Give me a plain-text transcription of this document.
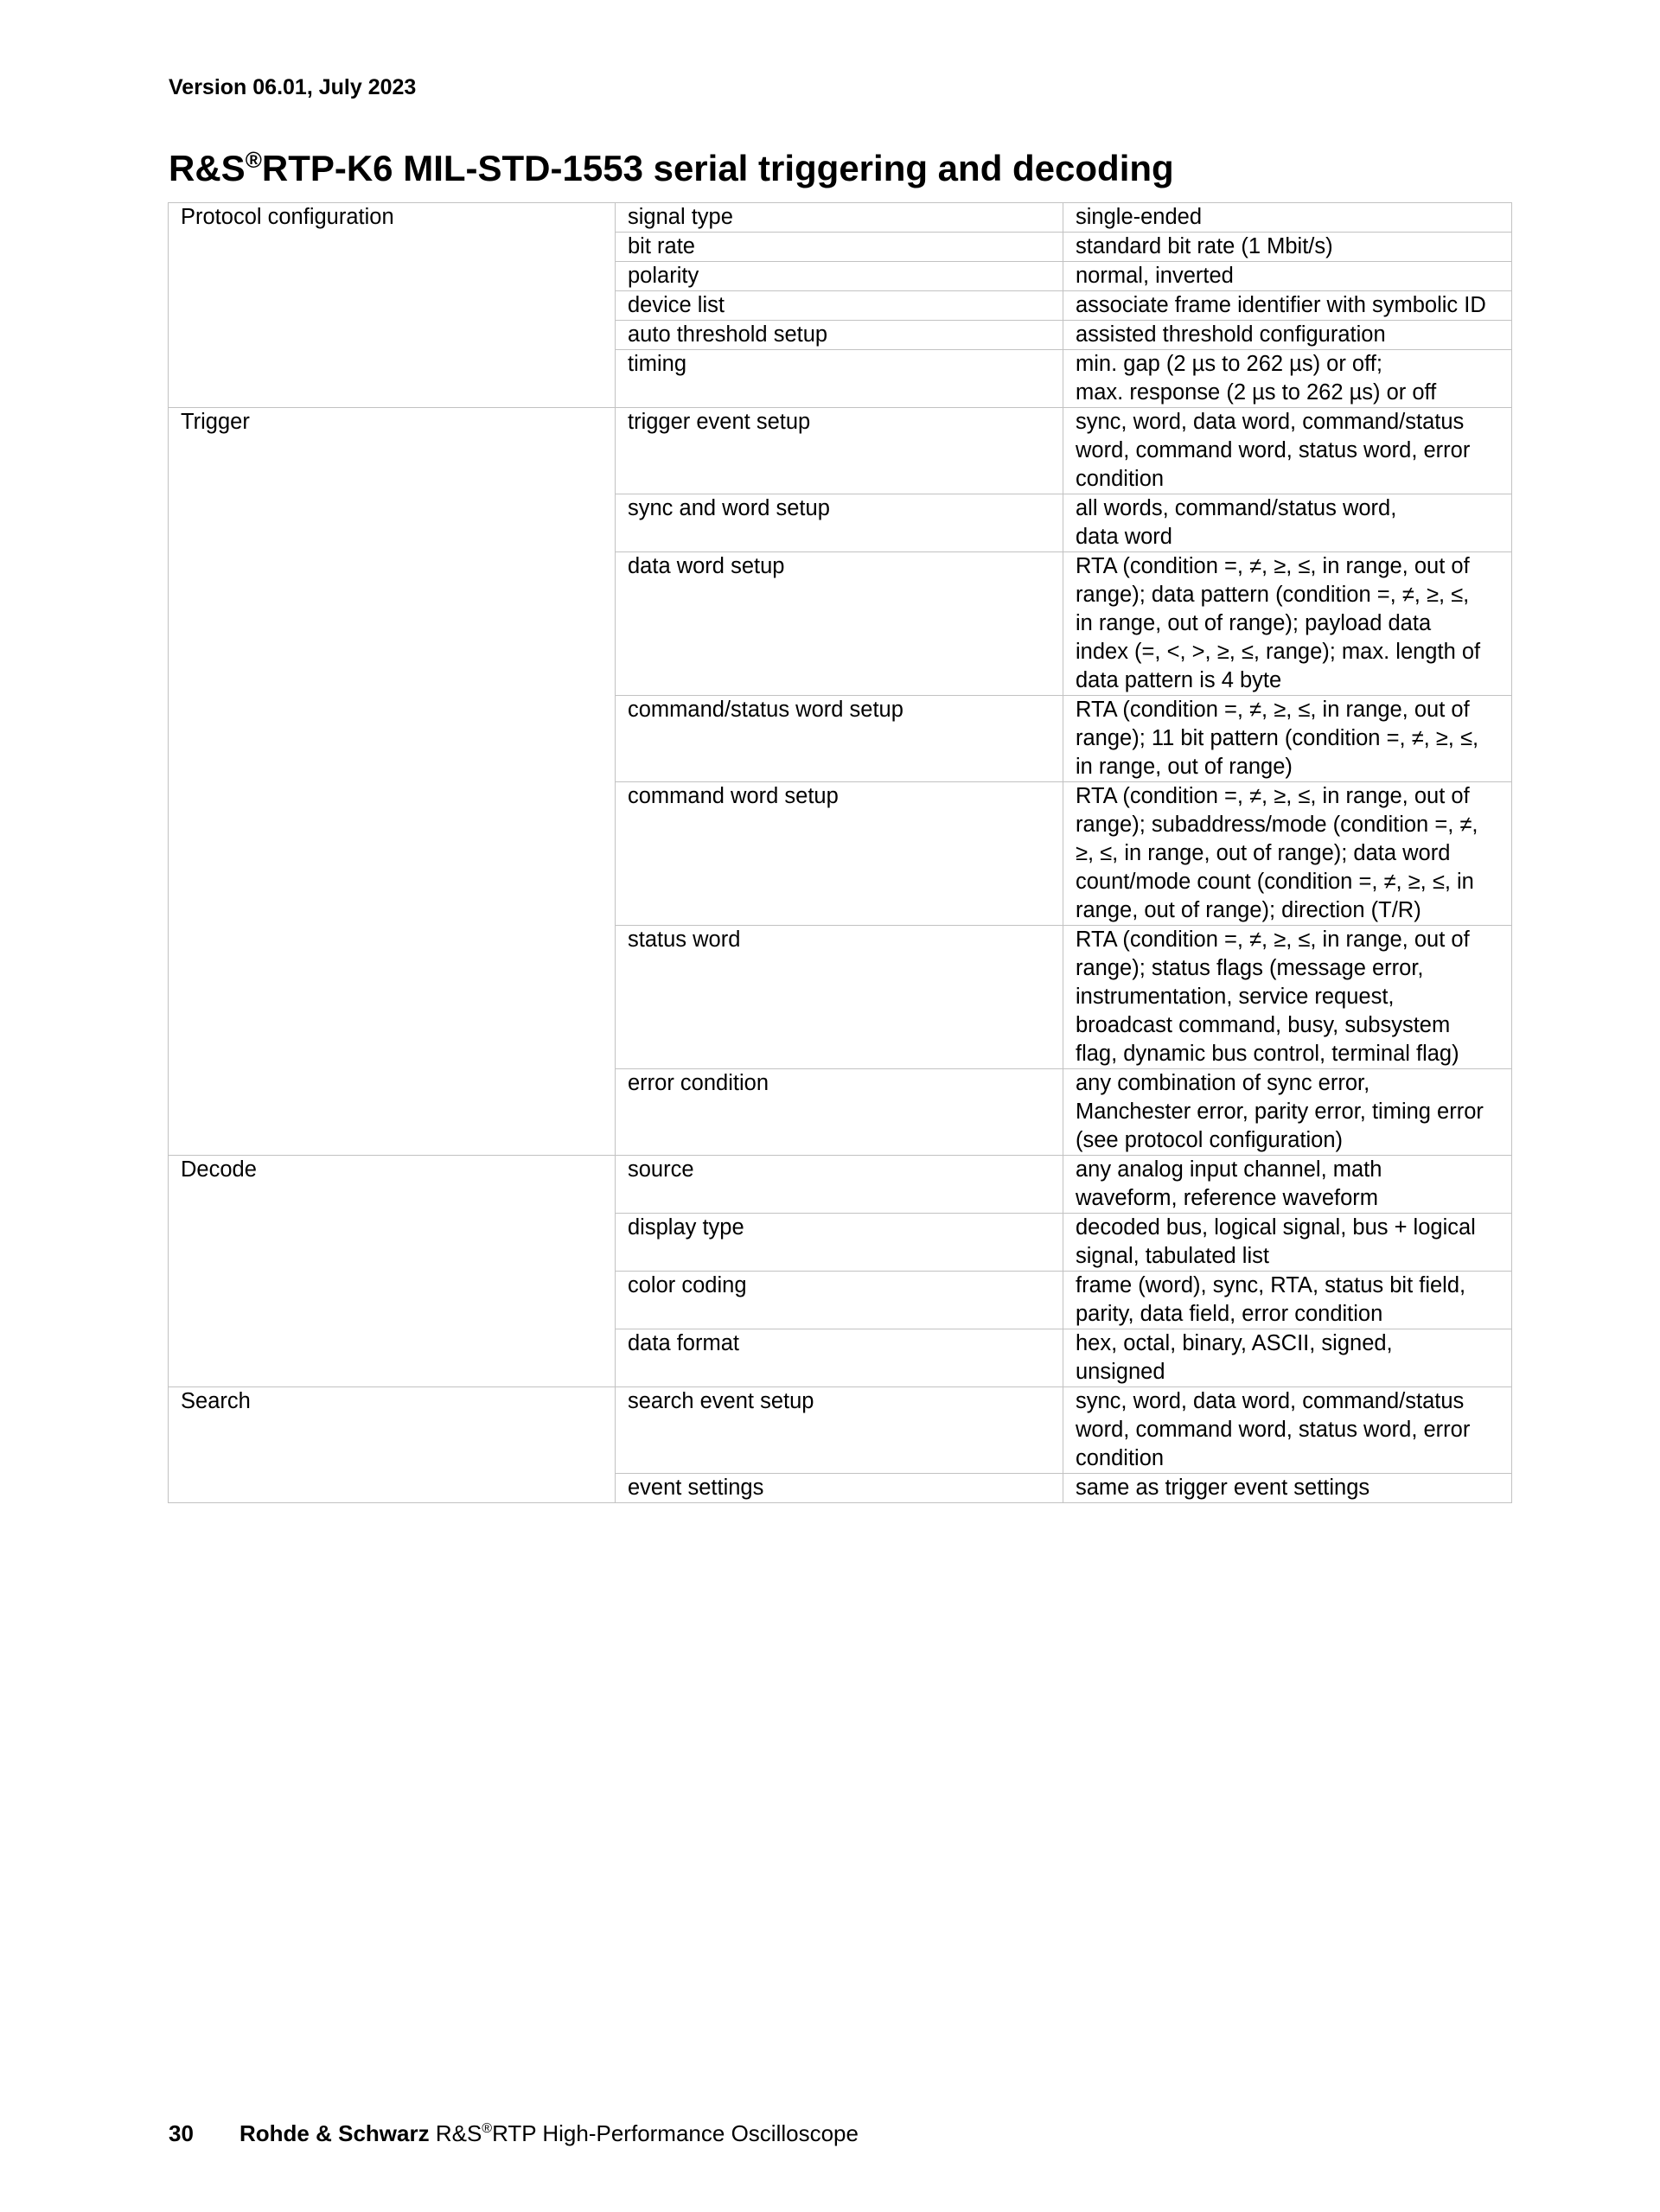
Version 06.01, July 2023
R&S®RTP-K6 MIL-STD-1553 serial triggering and decoding
Protocol configuration	signal type	single-ended
	bit rate	standard bit rate (1 Mbit/s)
	polarity	normal, inverted
	device list	associate frame identifier with symbolic ID
	auto threshold setup	assisted threshold configuration
	timing	min. gap (2 µs to 262 µs) or off;
max. response (2 µs to 262 µs) or off
Trigger	trigger event setup	sync, word, data word, command/status
word, command word, status word, error
condition
	sync and word setup	all words, command/status word,
data word
	data word setup	RTA (condition =, ≠, ≥, ≤, in range, out of
range); data pattern (condition =, ≠, ≥, ≤,
in range, out of range); payload data
index (=, <, >, ≥, ≤, range); max. length of
data pattern is 4 byte
	command/status word setup	RTA (condition =, ≠, ≥, ≤, in range, out of
range); 11 bit pattern (condition =, ≠, ≥, ≤,
in range, out of range)
	command word setup	RTA (condition =, ≠, ≥, ≤, in range, out of
range); subaddress/mode (condition =, ≠,
≥, ≤, in range, out of range); data word
count/mode count (condition =, ≠, ≥, ≤, in
range, out of range); direction (T/R)
	status word	RTA (condition =, ≠, ≥, ≤, in range, out of
range); status flags (message error,
instrumentation, service request,
broadcast command, busy, subsystem
flag, dynamic bus control, terminal flag)
	error condition	any combination of sync error,
Manchester error, parity error, timing error
(see protocol configuration)
Decode	source	any analog input channel, math
waveform, reference waveform
	display type	decoded bus, logical signal, bus + logical
signal, tabulated list
	color coding	frame (word), sync, RTA, status bit field,
parity, data field, error condition
	data format	hex, octal, binary, ASCII, signed,
unsigned
Search	search event setup	sync, word, data word, command/status
word, command word, status word, error
condition
	event settings	same as trigger event settings
30 Rohde & Schwarz R&S®RTP High-Performance Oscilloscope
